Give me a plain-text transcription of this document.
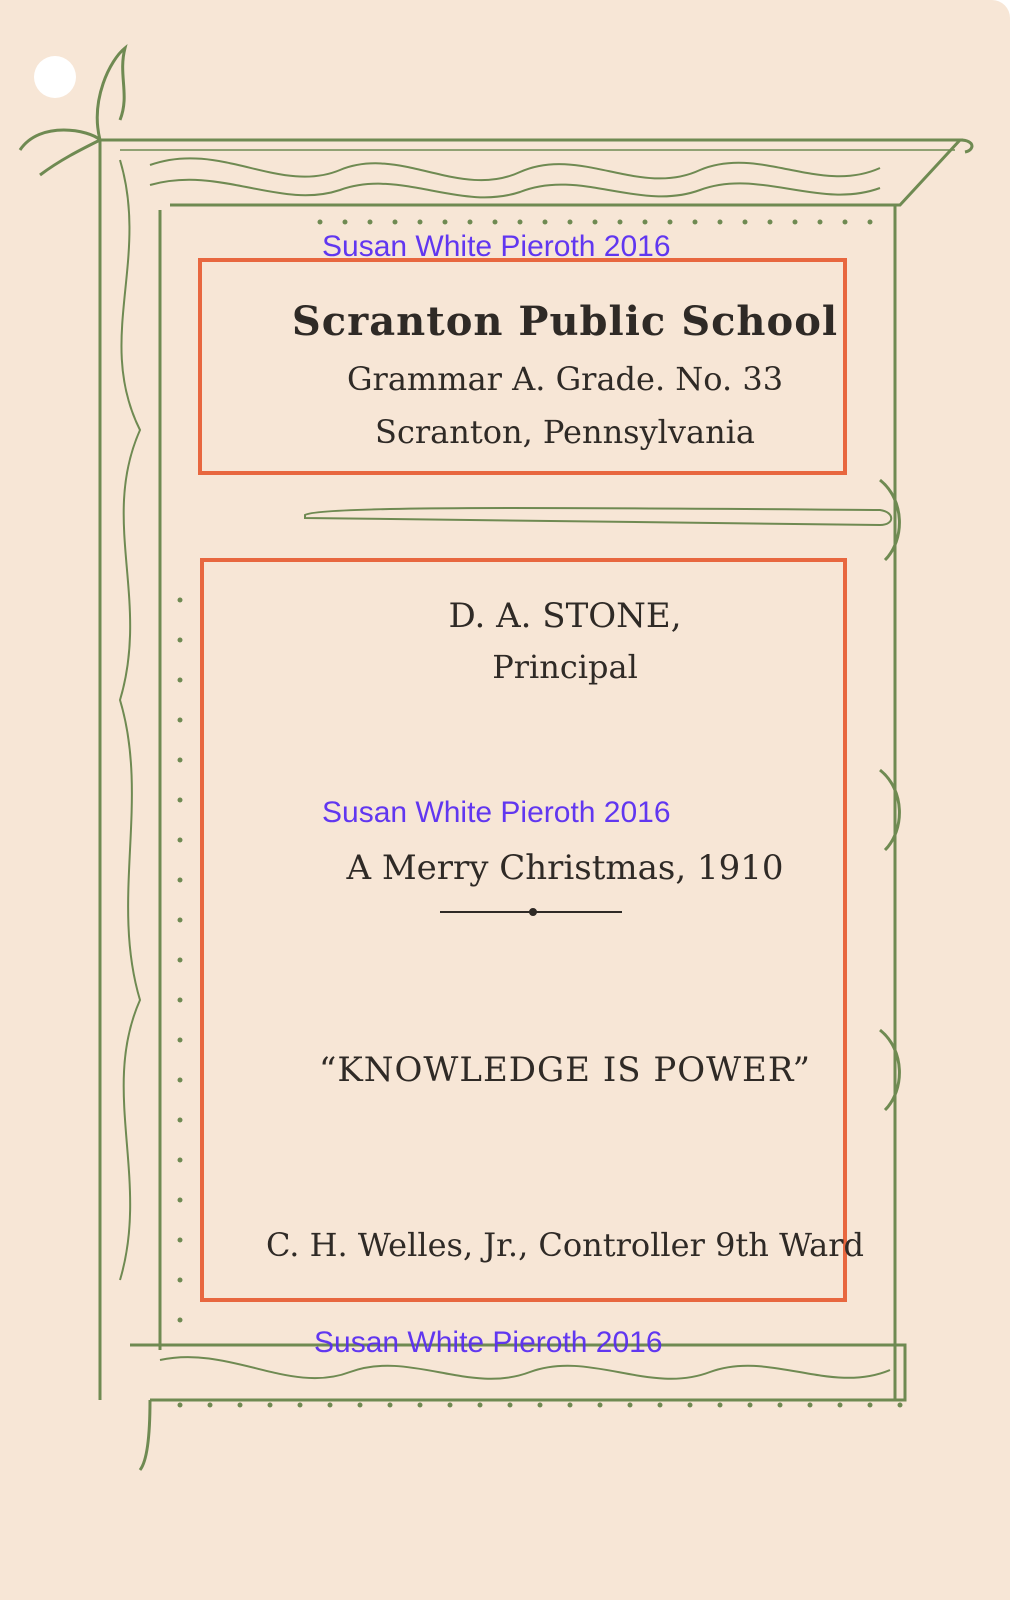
Scranton Public School
Grammar A. Grade. No. 33
Scranton, Pennsylvania
D. A. STONE,
Principal
A Merry Christmas, 1910
“KNOWLEDGE IS POWER”
C. H. Welles, Jr., Controller 9th Ward
Susan White Pieroth 2016
Susan White Pieroth 2016
Susan White Pieroth 2016
